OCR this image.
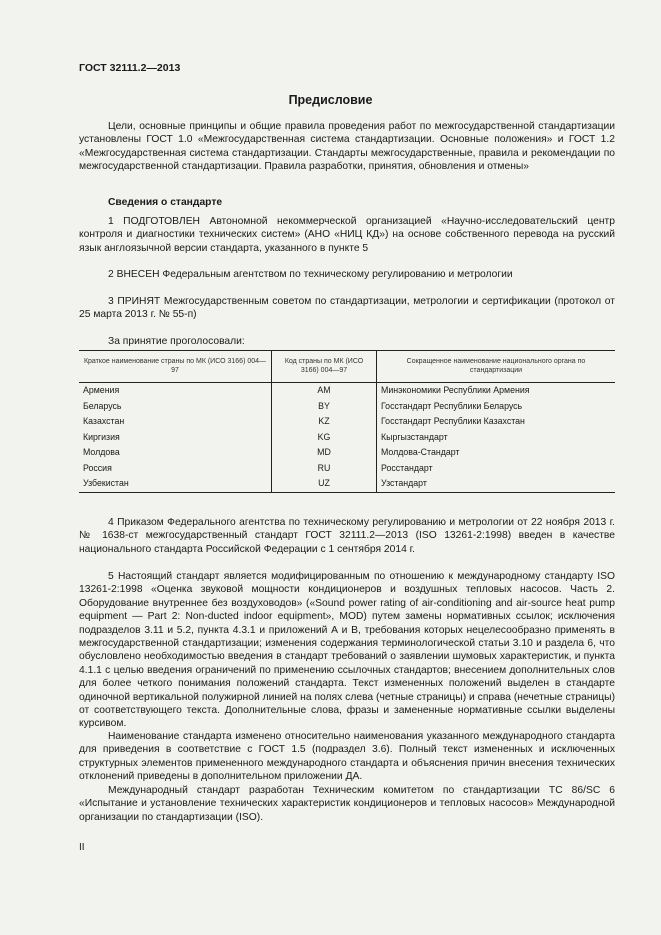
ГОСТ 32111.2—2013
Предисловие

Цели, основные принципы и общие правила проведения работ по межгосударственной стандартизации установлены ГОСТ 1.0 «Межгосударственная система стандартизации. Основные положения» и ГОСТ 1.2 «Межгосударственная система стандартизации. Стандарты межгосударственные, правила и рекомендации по межгосударственной стандартизации. Правила разработки, принятия, обновления и отмены»

Сведения о стандарте

1 ПОДГОТОВЛЕН Автономной некоммерческой организацией «Научно-исследовательский центр контроля и диагностики технических систем» (АНО «НИЦ КД») на основе собственного перевода на русский язык англоязычной версии стандарта, указанного в пункте 5

2 ВНЕСЕН Федеральным агентством по техническому регулированию и метрологии

3 ПРИНЯТ Межгосударственным советом по стандартизации, метрологии и сертификации (протокол от 25 марта 2013 г. № 55-п)

За принятие проголосовали:

Краткое наименование страны по МК (ИСО 3166) 004—97	Код страны по МК (ИСО 3166) 004—97	Сокращенное наименование национального органа по стандартизации
Армения	AM	Минэкономики Республики Армения
Беларусь	BY	Госстандарт Республики Беларусь
Казахстан	KZ	Госстандарт Республики Казахстан
Киргизия	KG	Кыргызстандарт
Молдова	MD	Молдова-Стандарт
Россия	RU	Росстандарт
Узбекистан	UZ	Узстандарт

4 Приказом Федерального агентства по техническому регулированию и метрологии от 22 ноября 2013 г. № 1638-ст межгосударственный стандарт ГОСТ 32111.2—2013 (ISO 13261-2:1998) введен в качестве национального стандарта Российской Федерации с 1 сентября 2014 г.

5 Настоящий стандарт является модифицированным по отношению к международному стандарту ISO 13261-2:1998 «Оценка звуковой мощности кондиционеров и воздушных тепловых насосов. Часть 2. Оборудование внутреннее без воздуховодов» («Sound power rating of air-conditioning and air-source heat pump equipment — Part 2: Non-ducted indoor equipment», MOD) путем замены нормативных ссылок; исключения подразделов 3.11 и 5.2, пункта 4.3.1 и приложений А и В, требования которых нецелесообразно применять в межгосударственной стандартизации; изменения содержания терминологической статьи 3.10 и раздела 6, что обусловлено необходимостью введения в стандарт требований о заявлении шумовых характеристик, и пункта 4.1.1 с целью введения ограничений по применению ссылочных стандартов; внесением дополнительных слов для более четкого понимания положений стандарта. Текст измененных положений выделен в стандарте одиночной вертикальной полужирной линией на полях слева (четные страницы) и справа (нечетные страницы) от соответствующего текста. Дополнительные слова, фразы и замененные нормативные ссылки выделены курсивом.

Наименование стандарта изменено относительно наименования указанного международного стандарта для приведения в соответствие с ГОСТ 1.5 (подраздел 3.6). Полный текст измененных и исключенных структурных элементов примененного международного стандарта и объяснения причин внесения технических отклонений приведены в дополнительном приложении ДА.

Международный стандарт разработан Техническим комитетом по стандартизации ТС 86/SC 6 «Испытание и установление технических характеристик кондиционеров и тепловых насосов» Международной организации по стандартизации (ISO).

II
